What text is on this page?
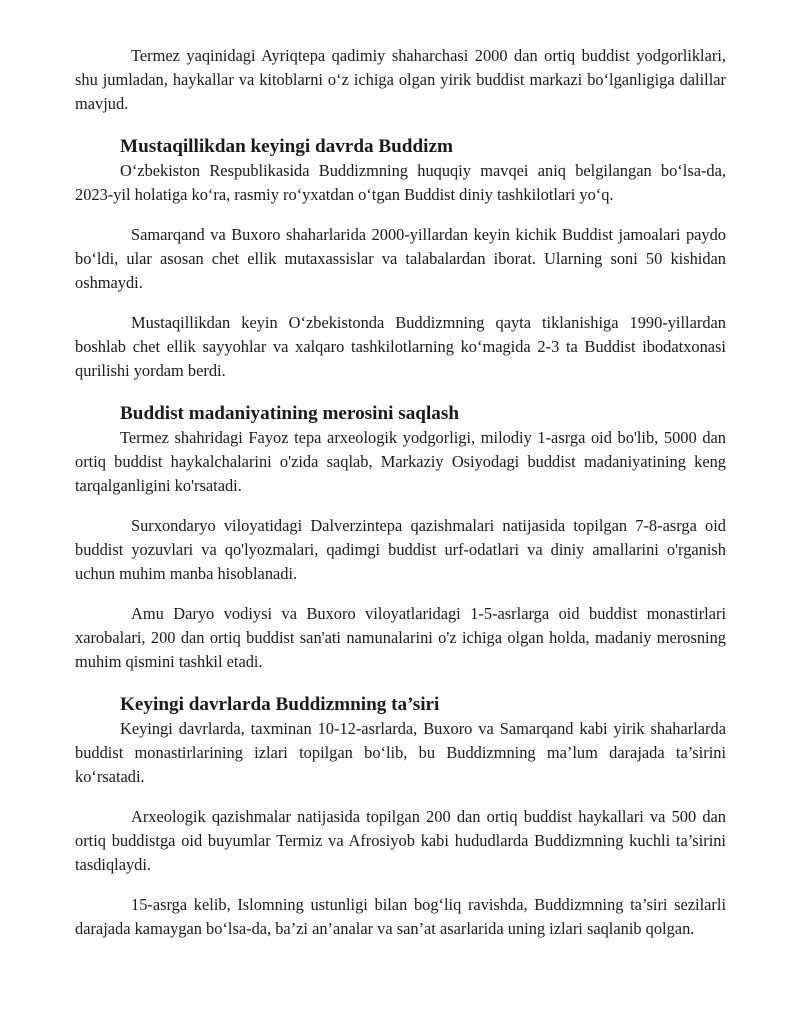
Termez yaqinidagi Ayriqtepa qadimiy shaharchasi 2000 dan ortiq buddist yodgorliklari, shu jumladan, haykallar va kitoblarni o‘z ichiga olgan yirik buddist markazi bo‘lganligiga dalillar mavjud.

Mustaqillikdan keyingi davrda Buddizm

O‘zbekiston Respublikasida Buddizmning huquqiy mavqei aniq belgilangan bo‘lsa-da, 2023-yil holatiga ko‘ra, rasmiy ro‘yxatdan o‘tgan Buddist diniy tashkilotlari yo‘q.

Samarqand va Buxoro shaharlarida 2000-yillardan keyin kichik Buddist jamoalari paydo bo‘ldi, ular asosan chet ellik mutaxassislar va talabalardan iborat. Ularning soni 50 kishidan oshmaydi.

Mustaqillikdan keyin O‘zbekistonda Buddizmning qayta tiklanishiga 1990-yillardan boshlab chet ellik sayyohlar va xalqaro tashkilotlarning ko‘magida 2-3 ta Buddist ibodatxonasi qurilishi yordam berdi.

Buddist madaniyatining merosini saqlash

Termez shahridagi Fayoz tepa arxeologik yodgorligi, milodiy 1-asrga oid bo'lib, 5000 dan ortiq buddist haykalchalarini o'zida saqlab, Markaziy Osiyodagi buddist madaniyatining keng tarqalganligini ko'rsatadi.

Surxondaryo viloyatidagi Dalverzintepa qazishmalari natijasida topilgan 7-8-asrga oid buddist yozuvlari va qo'lyozmalari, qadimgi buddist urf-odatlari va diniy amallarini o'rganish uchun muhim manba hisoblanadi.

Amu Daryo vodiysi va Buxoro viloyatlaridagi 1-5-asrlarga oid buddist monastirlari xarobalari, 200 dan ortiq buddist san'ati namunalarini o'z ichiga olgan holda, madaniy merosning muhim qismini tashkil etadi.

Keyingi davrlarda Buddizmning ta’siri

Keyingi davrlarda, taxminan 10-12-asrlarda, Buxoro va Samarqand kabi yirik shaharlarda buddist monastirlarining izlari topilgan bo‘lib, bu Buddizmning ma’lum darajada ta’sirini ko‘rsatadi.

Arxeologik qazishmalar natijasida topilgan 200 dan ortiq buddist haykallari va 500 dan ortiq buddistga oid buyumlar Termiz va Afrosiyob kabi hududlarda Buddizmning kuchli ta’sirini tasdiqlaydi.

15-asrga kelib, Islomning ustunligi bilan bog‘liq ravishda, Buddizmning ta’siri sezilarli darajada kamaygan bo‘lsa-da, ba’zi an’analar va san’at asarlarida uning izlari saqlanib qolgan.
